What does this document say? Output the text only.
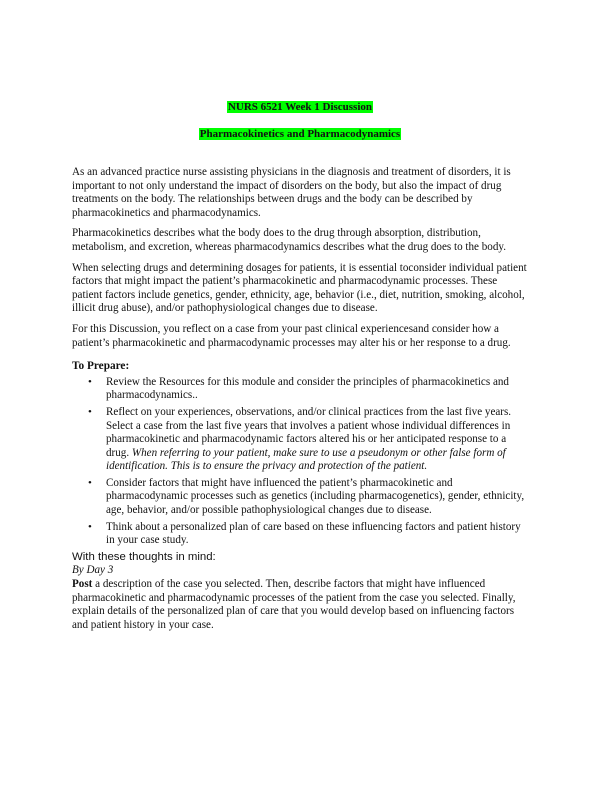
NURS 6521 Week 1 Discussion
Pharmacokinetics and Pharmacodynamics

As an advanced practice nurse assisting physicians in the diagnosis and treatment of disorders, it is important to not only understand the impact of disorders on the body, but also the impact of drug treatments on the body. The relationships between drugs and the body can be described by pharmacokinetics and pharmacodynamics.

Pharmacokinetics describes what the body does to the drug through absorption, distribution, metabolism, and excretion, whereas pharmacodynamics describes what the drug does to the body.

When selecting drugs and determining dosages for patients, it is essential toconsider individual patient factors that might impact the patient’s pharmacokinetic and pharmacodynamic processes. These patient factors include genetics, gender, ethnicity, age, behavior (i.e., diet, nutrition, smoking, alcohol, illicit drug abuse), and/or pathophysiological changes due to disease.

For this Discussion, you reflect on a case from your past clinical experiencesand consider how a patient’s pharmacokinetic and pharmacodynamic processes may alter his or her response to a drug.

To Prepare:
• Review the Resources for this module and consider the principles of pharmacokinetics and pharmacodynamics..
• Reflect on your experiences, observations, and/or clinical practices from the last five years. Select a case from the last five years that involves a patient whose individual differences in pharmacokinetic and pharmacodynamic factors altered his or her anticipated response to a drug. When referring to your patient, make sure to use a pseudonym or other false form of identification. This is to ensure the privacy and protection of the patient.
• Consider factors that might have influenced the patient’s pharmacokinetic and pharmacodynamic processes such as genetics (including pharmacogenetics), gender, ethnicity, age, behavior, and/or possible pathophysiological changes due to disease.
• Think about a personalized plan of care based on these influencing factors and patient history in your case study.
With these thoughts in mind:
By Day 3

Post a description of the case you selected. Then, describe factors that might have influenced pharmacokinetic and pharmacodynamic processes of the patient from the case you selected. Finally, explain details of the personalized plan of care that you would develop based on influencing factors and patient history in your case.
